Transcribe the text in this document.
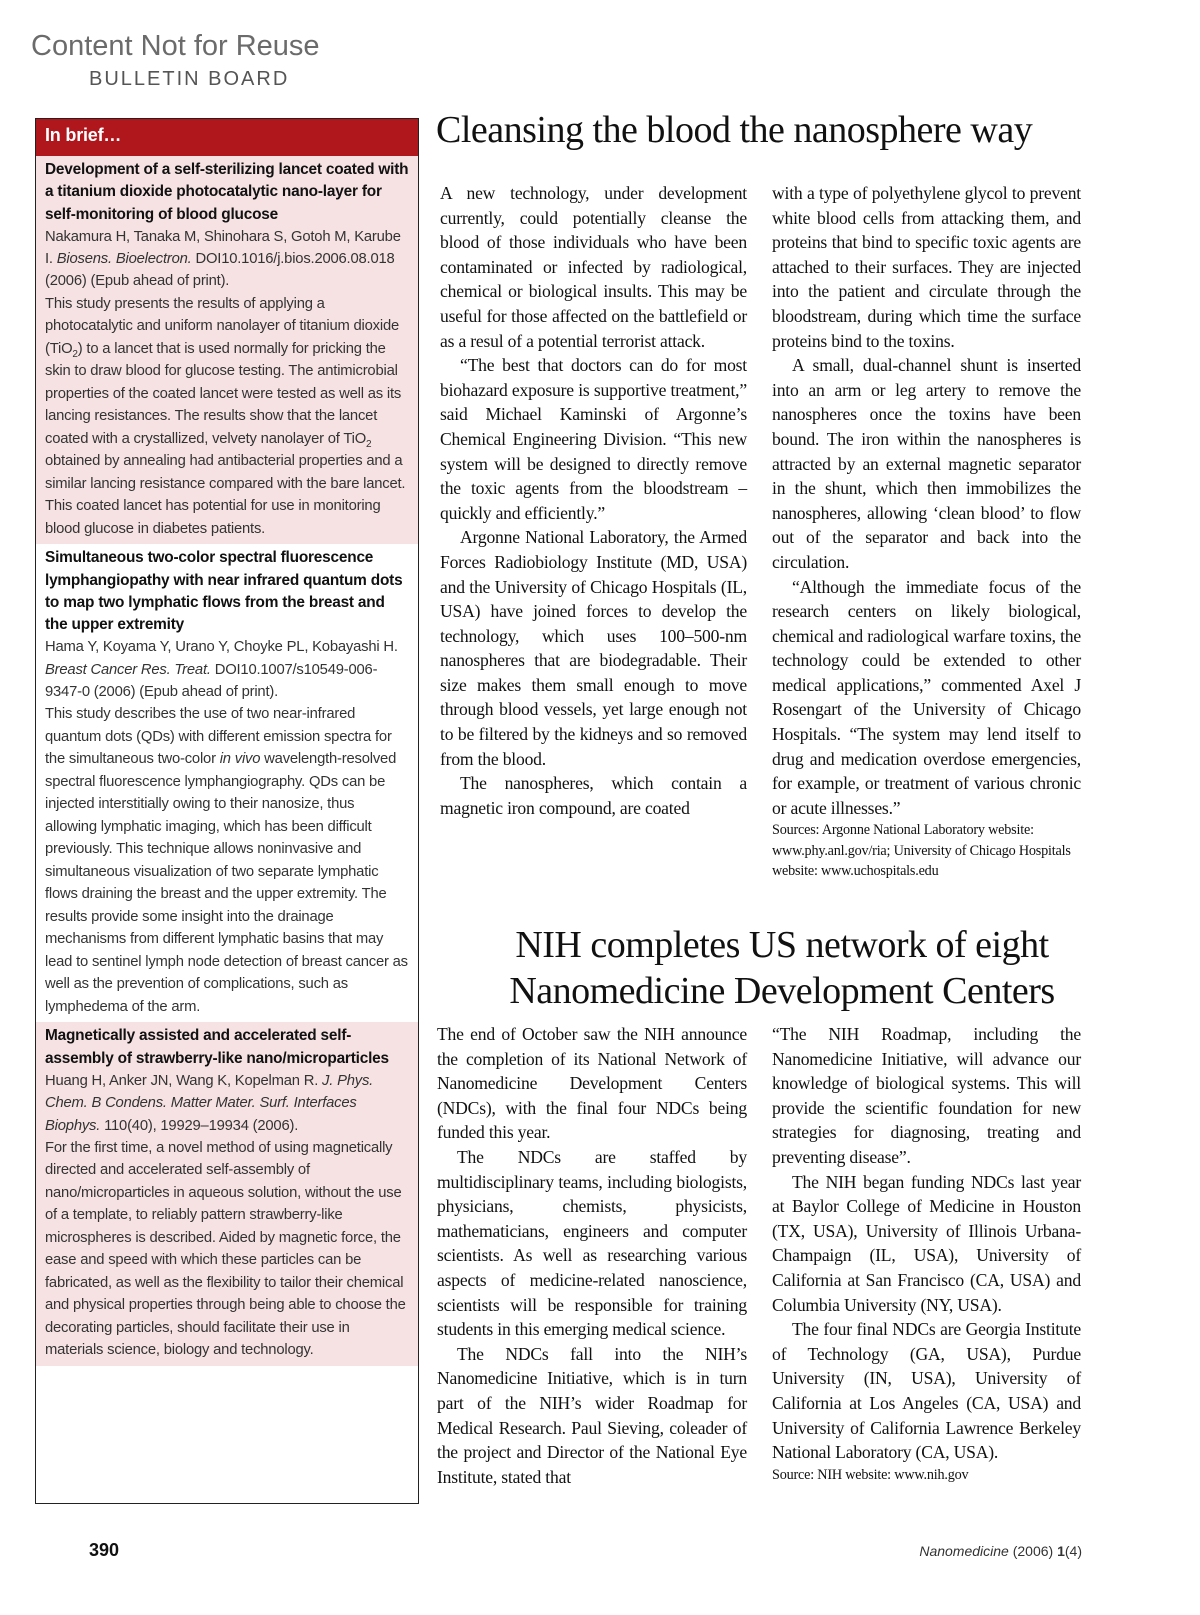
Content Not for Reuse
BULLETIN BOARD
In brief…
Development of a self-sterilizing lancet coated with a titanium dioxide photocatalytic nano-layer for self-monitoring of blood glucose
Nakamura H, Tanaka M, Shinohara S, Gotoh M, Karube I. Biosens. Bioelectron. DOI10.1016/j.bios.2006.08.018 (2006) (Epub ahead of print).
This study presents the results of applying a photocatalytic and uniform nanolayer of titanium dioxide (TiO$_2$) to a lancet that is used normally for pricking the skin to draw blood for glucose testing. The antimicrobial properties of the coated lancet were tested as well as its lancing resistances. The results show that the lancet coated with a crystallized, velvety nanolayer of TiO$_2$ obtained by annealing had antibacterial properties and a similar lancing resistance compared with the bare lancet. This coated lancet has potential for use in monitoring blood glucose in diabetes patients.
Simultaneous two-color spectral fluorescence lymphangiopathy with near infrared quantum dots to map two lymphatic flows from the breast and the upper extremity
Hama Y, Koyama Y, Urano Y, Choyke PL, Kobayashi H. Breast Cancer Res. Treat. DOI10.1007/s10549-006-9347-0 (2006) (Epub ahead of print).
This study describes the use of two near-infrared quantum dots (QDs) with different emission spectra for the simultaneous two-color in vivo wavelength-resolved spectral fluorescence lymphangiography. QDs can be injected interstitially owing to their nanosize, thus allowing lymphatic imaging, which has been difficult previously. This technique allows noninvasive and simultaneous visualization of two separate lymphatic flows draining the breast and the upper extremity. The results provide some insight into the drainage mechanisms from different lymphatic basins that may lead to sentinel lymph node detection of breast cancer as well as the prevention of complications, such as lymphedema of the arm.
Magnetically assisted and accelerated self-assembly of strawberry-like nano/microparticles
Huang H, Anker JN, Wang K, Kopelman R. J. Phys. Chem. B Condens. Matter Mater. Surf. Interfaces Biophys. 110(40), 19929–19934 (2006).
For the first time, a novel method of using magnetically directed and accelerated self-assembly of nano/microparticles in aqueous solution, without the use of a template, to reliably pattern strawberry-like microspheres is described. Aided by magnetic force, the ease and speed with which these particles can be fabricated, as well as the flexibility to tailor their chemical and physical properties through being able to choose the decorating particles, should facilitate their use in materials science, biology and technology.
Cleansing the blood the nanosphere way

A new technology, under development currently, could potentially cleanse the blood of those individuals who have been contaminated or infected by radiological, chemical or biological insults. This may be useful for those affected on the battlefield or as a resul of a potential terrorist attack.

“The best that doctors can do for most biohazard exposure is supportive treatment,” said Michael Kaminski of Argonne’s Chemical Engineering Division. “This new system will be designed to directly remove the toxic agents from the bloodstream – quickly and efficiently.”

Argonne National Laboratory, the Armed Forces Radiobiology Institute (MD, USA) and the University of Chicago Hospitals (IL, USA) have joined forces to develop the technology, which uses 100–500-nm nanospheres that are biodegradable. Their size makes them small enough to move through blood vessels, yet large enough not to be filtered by the kidneys and so removed from the blood.

The nanospheres, which contain a magnetic iron compound, are coated

with a type of polyethylene glycol to prevent white blood cells from attacking them, and proteins that bind to specific toxic agents are attached to their surfaces. They are injected into the patient and circulate through the bloodstream, during which time the surface proteins bind to the toxins.

A small, dual-channel shunt is inserted into an arm or leg artery to remove the nanospheres once the toxins have been bound. The iron within the nanospheres is attracted by an external magnetic separator in the shunt, which then immobilizes the nanospheres, allowing ‘clean blood’ to flow out of the separator and back into the circulation.

“Although the immediate focus of the research centers on likely biological, chemical and radiological warfare toxins, the technology could be extended to other medical applications,” commented Axel J Rosengart of the University of Chicago Hospitals. “The system may lend itself to drug and medication overdose emergencies, for example, or treatment of various chronic or acute illnesses.”

Sources: Argonne National Laboratory website: www.phy.anl.gov/ria; University of Chicago Hospitals website: www.uchospitals.edu
NIH completes US network of eight Nanomedicine Development Centers

The end of October saw the NIH announce the completion of its National Network of Nanomedicine Development Centers (NDCs), with the final four NDCs being funded this year.

The NDCs are staffed by multidisciplinary teams, including biologists, physicians, chemists, physicists, mathematicians, engineers and computer scientists. As well as researching various aspects of medicine-related nanoscience, scientists will be responsible for training students in this emerging medical science.

The NDCs fall into the NIH’s Nanomedicine Initiative, which is in turn part of the NIH’s wider Roadmap for Medical Research. Paul Sieving, coleader of the project and Director of the National Eye Institute, stated that

“The NIH Roadmap, including the Nanomedicine Initiative, will advance our knowledge of biological systems. This will provide the scientific foundation for new strategies for diagnosing, treating and preventing disease”.

The NIH began funding NDCs last year at Baylor College of Medicine in Houston (TX, USA), University of Illinois Urbana-Champaign (IL, USA), University of California at San Francisco (CA, USA) and Columbia University (NY, USA).

The four final NDCs are Georgia Institute of Technology (GA, USA), Purdue University (IN, USA), University of California at Los Angeles (CA, USA) and University of California Lawrence Berkeley National Laboratory (CA, USA).

Source: NIH website: www.nih.gov
390	Nanomedicine (2006) 1(4)
